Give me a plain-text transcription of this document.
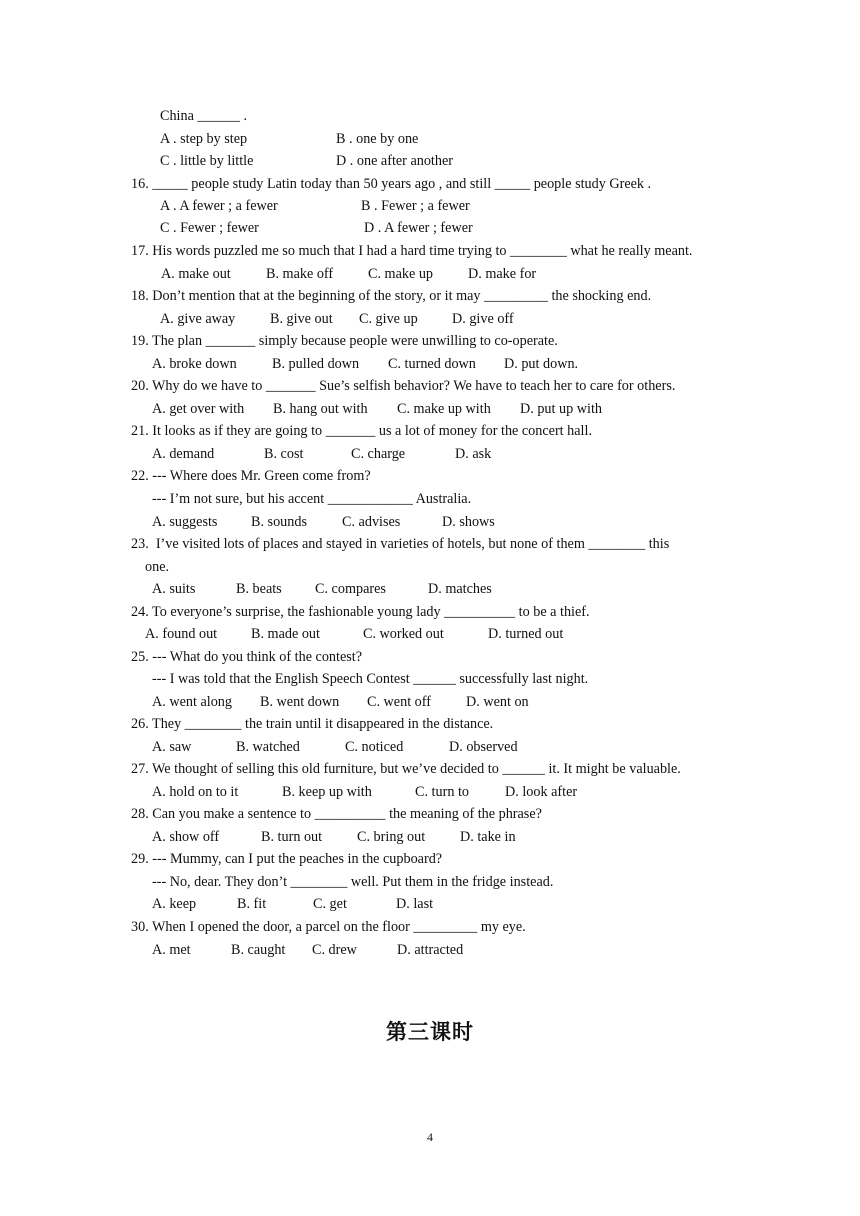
China ______ .
A . step by step	B . one by one
C . little by little	D . one after another
16. _____ people study Latin today than 50 years ago , and still _____ people study Greek .
A . A fewer ; a fewer	B . Fewer ; a fewer
C . Fewer ; fewer	D . A fewer ; fewer
17. His words puzzled me so much that I had a hard time trying to ________ what he really meant.
A. make out B. make off C. make up D. make for
18. Don’t mention that at the beginning of the story, or it may _________ the shocking end.
A. give away B. give out C. give up D. give off
19. The plan _______ simply because people were unwilling to co-operate.
A. broke down B. pulled down C. turned down D. put down.
20. Why do we have to _______ Sue’s selfish behavior? We have to teach her to care for others.
A. get over with B. hang out with C. make up with D. put up with
21. It looks as if they are going to _______ us a lot of money for the concert hall.
A. demand	B. cost	C. charge	D. ask
22. --- Where does Mr. Green come from?
--- I’m not sure, but his accent ____________ Australia.
A. suggests B. sounds C. advises	D. shows
23.  I’ve visited lots of places and stayed in varieties of hotels, but none of them ________ this
one.
A. suits	B. beats C. compares	D. matches
24. To everyone’s surprise, the fashionable young lady __________ to be a thief.
A. found out B. made out	C. worked out	D. turned out
25. --- What do you think of the contest?
--- I was told that the English Speech Contest ______ successfully last night.
A. went along B. went down C. went off D. went on
26. They ________ the train until it disappeared in the distance.
A. saw	B. watched	C. noticed	D. observed
27. We thought of selling this old furniture, but we’ve decided to ______ it. It might be valuable.
A. hold on to it	B. keep up with	C. turn to	D. look after
28. Can you make a sentence to __________ the meaning of the phrase?
A. show off	B. turn out C. bring out D. take in
29. --- Mummy, can I put the peaches in the cupboard?
--- No, dear. They don’t ________ well. Put them in the fridge instead.
A. keep	B. fit	C. get	D. last
30. When I opened the door, a parcel on the floor _________ my eye.
A. met	B. caught C. drew	D. attracted
第三课时
4
